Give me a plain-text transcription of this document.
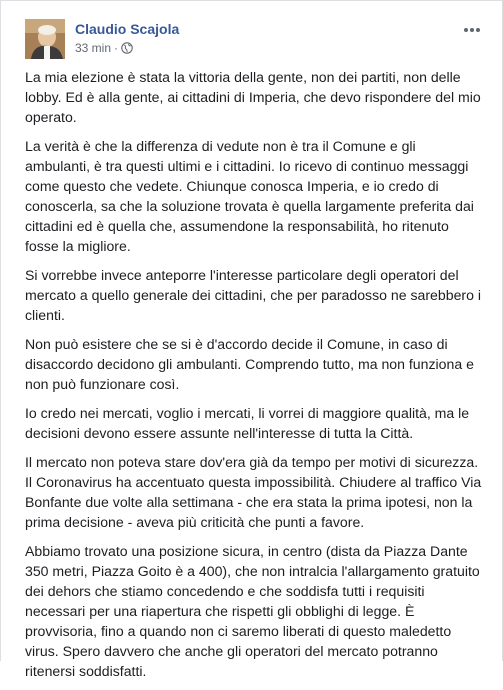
Claudio Scajola
33 min ·

La mia elezione è stata la vittoria della gente, non dei partiti, non delle lobby. Ed è alla gente, ai cittadini di Imperia, che devo rispondere del mio operato.

La verità è che la differenza di vedute non è tra il Comune e gli ambulanti, è tra questi ultimi e i cittadini. Io ricevo di continuo messaggi come questo che vedete. Chiunque conosca Imperia, e io credo di conoscerla, sa che la soluzione trovata è quella largamente preferita dai cittadini ed è quella che, assumendone la responsabilità, ho ritenuto fosse la migliore.

Si vorrebbe invece anteporre l'interesse particolare degli operatori del mercato a quello generale dei cittadini, che per paradosso ne sarebbero i clienti.

Non può esistere che se si è d'accordo decide il Comune, in caso di disaccordo decidono gli ambulanti. Comprendo tutto, ma non funziona e non può funzionare così.

Io credo nei mercati, voglio i mercati, li vorrei di maggiore qualità, ma le decisioni devono essere assunte nell'interesse di tutta la Città.

Il mercato non poteva stare dov'era già da tempo per motivi di sicurezza. Il Coronavirus ha accentuato questa impossibilità. Chiudere al traffico Via Bonfante due volte alla settimana - che era stata la prima ipotesi, non la prima decisione - aveva più criticità che punti a favore.

Abbiamo trovato una posizione sicura, in centro (dista da Piazza Dante 350 metri, Piazza Goito è a 400), che non intralcia l'allargamento gratuito dei dehors che stiamo concedendo e che soddisfa tutti i requisiti necessari per una riapertura che rispetti gli obblighi di legge. È provvisoria, fino a quando non ci saremo liberati di questo maledetto virus. Spero davvero che anche gli operatori del mercato potranno ritenersi soddisfatti.
